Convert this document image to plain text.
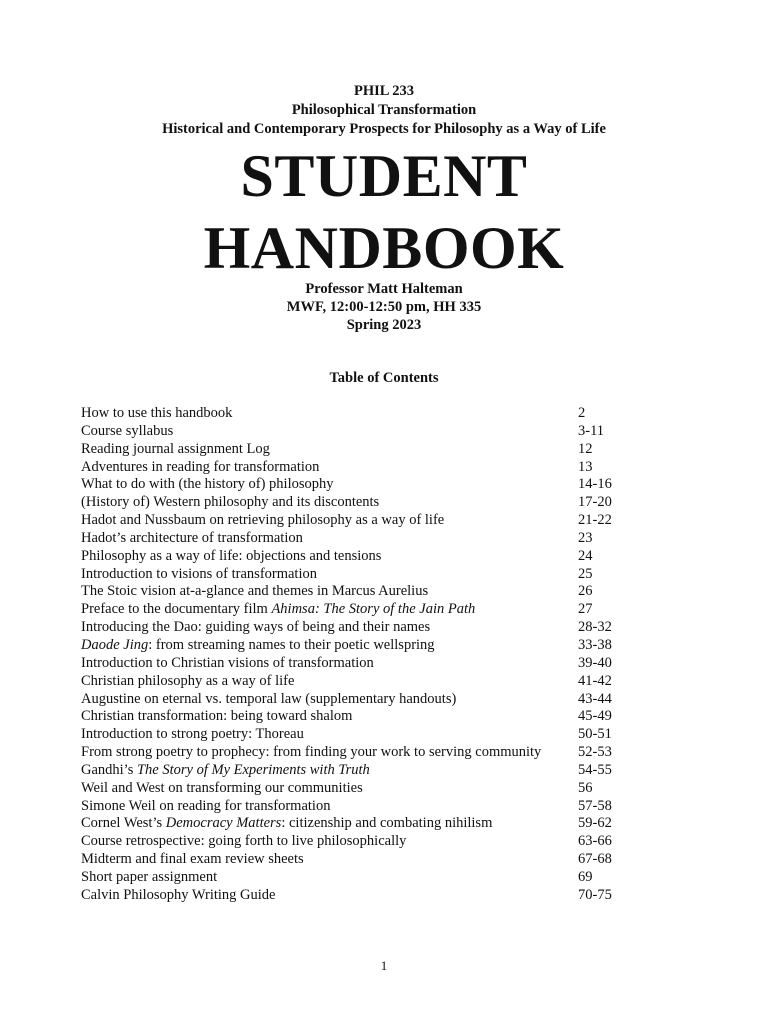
PHIL 233
Philosophical Transformation
Historical and Contemporary Prospects for Philosophy as a Way of Life
STUDENT
HANDBOOK
Professor Matt Halteman
MWF, 12:00-12:50 pm, HH 335
Spring 2023
Table of Contents
How to use this handbook	2
Course syllabus	3-11
Reading journal assignment Log	12
Adventures in reading for transformation	13
What to do with (the history of) philosophy	14-16
(History of) Western philosophy and its discontents	17-20
Hadot and Nussbaum on retrieving philosophy as a way of life	21-22
Hadot’s architecture of transformation	23
Philosophy as a way of life: objections and tensions	24
Introduction to visions of transformation	25
The Stoic vision at-a-glance and themes in Marcus Aurelius	26
Preface to the documentary film Ahimsa: The Story of the Jain Path	27
Introducing the Dao: guiding ways of being and their names	28-32
Daode Jing: from streaming names to their poetic wellspring	33-38
Introduction to Christian visions of transformation	39-40
Christian philosophy as a way of life	41-42
Augustine on eternal vs. temporal law (supplementary handouts)	43-44
Christian transformation: being toward shalom	45-49
Introduction to strong poetry: Thoreau	50-51
From strong poetry to prophecy: from finding your work to serving community	52-53
Gandhi’s The Story of My Experiments with Truth	54-55
Weil and West on transforming our communities	56
Simone Weil on reading for transformation	57-58
Cornel West’s Democracy Matters: citizenship and combating nihilism	59-62
Course retrospective: going forth to live philosophically	63-66
Midterm and final exam review sheets	67-68
Short paper assignment	69
Calvin Philosophy Writing Guide	70-75
1
